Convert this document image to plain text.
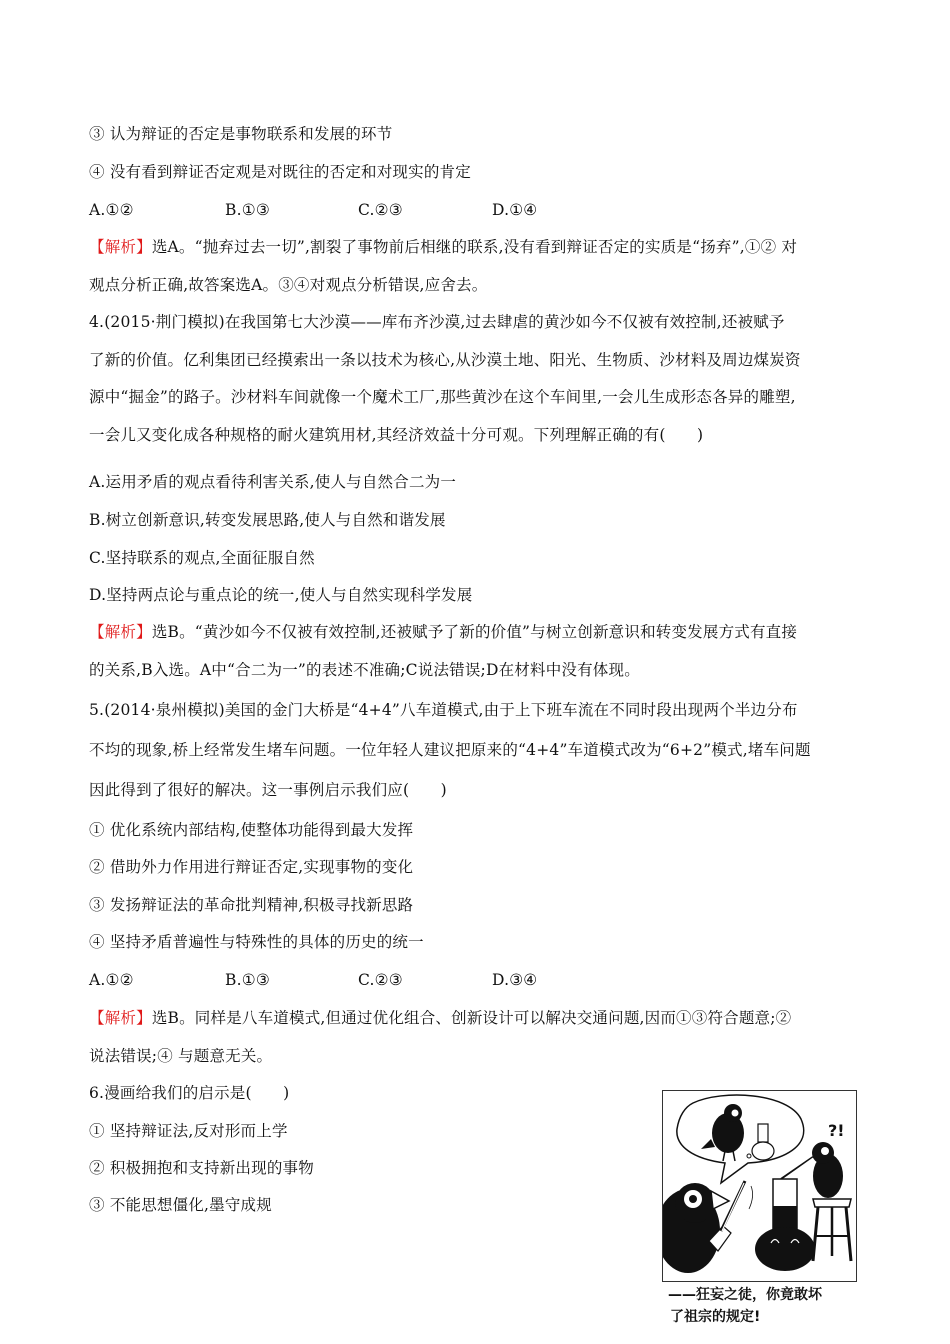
③ 认为辩证的否定是事物联系和发展的环节
④ 没有看到辩证否定观是对既往的否定和对现实的肯定
A.①②	B.①③	C.②③	D.①④
【解析】选A。“抛弃过去一切”,割裂了事物前后相继的联系,没有看到辩证否定的实质是“扬弃”,①② 对
观点分析正确,故答案选A。③④对观点分析错误,应舍去。
4.(2015·荆门模拟)在我国第七大沙漠——库布齐沙漠,过去肆虐的黄沙如今不仅被有效控制,还被赋予
了新的价值。亿利集团已经摸索出一条以技术为核心,从沙漠土地、阳光、生物质、沙材料及周边煤炭资
源中“掘金”的路子。沙材料车间就像一个魔术工厂,那些黄沙在这个车间里,一会儿生成形态各异的雕塑,
一会儿又变化成各种规格的耐火建筑用材,其经济效益十分可观。下列理解正确的有(　　)
A.运用矛盾的观点看待利害关系,使人与自然合二为一
B.树立创新意识,转变发展思路,使人与自然和谐发展
C.坚持联系的观点,全面征服自然
D.坚持两点论与重点论的统一,使人与自然实现科学发展
【解析】选B。“黄沙如今不仅被有效控制,还被赋予了新的价值”与树立创新意识和转变发展方式有直接
的关系,B入选。A中“合二为一”的表述不准确;C说法错误;D在材料中没有体现。
5.(2014·泉州模拟)美国的金门大桥是“4+4”八车道模式,由于上下班车流在不同时段出现两个半边分布
不均的现象,桥上经常发生堵车问题。一位年轻人建议把原来的“4+4”车道模式改为“6+2”模式,堵车问题
因此得到了很好的解决。这一事例启示我们应(　　)
① 优化系统内部结构,使整体功能得到最大发挥
② 借助外力作用进行辩证否定,实现事物的变化
③ 发扬辩证法的革命批判精神,积极寻找新思路
④ 坚持矛盾普遍性与特殊性的具体的历史的统一
A.①②	B.①③	C.②③	D.③④
【解析】选B。同样是八车道模式,但通过优化组合、创新设计可以解决交通问题,因而①③符合题意;②
说法错误;④ 与题意无关。
6.漫画给我们的启示是(　　)
① 坚持辩证法,反对形而上学
② 积极拥抱和支持新出现的事物
③ 不能思想僵化,墨守成规
?!
——狂妄之徒，你竟敢坏
了祖宗的规定!
